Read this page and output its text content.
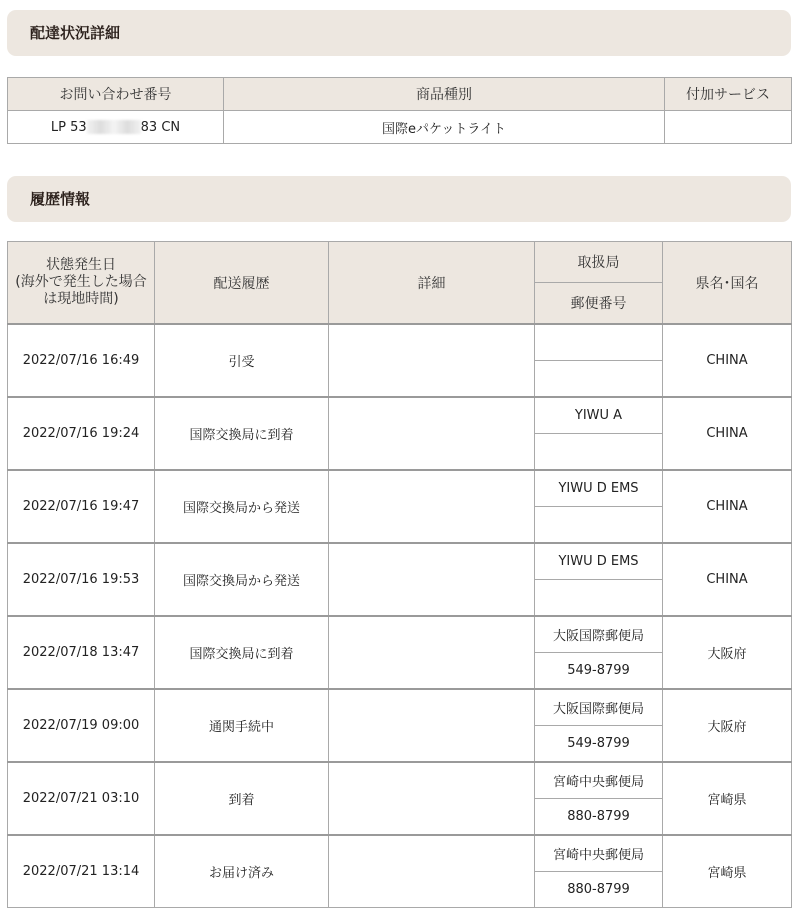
配達状況詳細
お問い合わせ番号	商品種別	付加サービス
LP 53 83 CN	国際eパケットライト	
履歴情報
状態発生日
(海外で発生した場合は現地時間)	配送履歴	詳細	取扱局	県名･国名
			郵便番号	
2022/07/16 16:49	引受			CHINA

2022/07/16 19:24	国際交換局に到着		YIWU A	CHINA

2022/07/16 19:47	国際交換局から発送		YIWU D EMS	CHINA

2022/07/16 19:53	国際交換局から発送		YIWU D EMS	CHINA

2022/07/18 13:47	国際交換局に到着		大阪国際郵便局	大阪府
			549-8799	
2022/07/19 09:00	通関手続中		大阪国際郵便局	大阪府
			549-8799	
2022/07/21 03:10	到着		宮崎中央郵便局	宮崎県
			880-8799	
2022/07/21 13:14	お届け済み		宮崎中央郵便局	宮崎県
			880-8799	
